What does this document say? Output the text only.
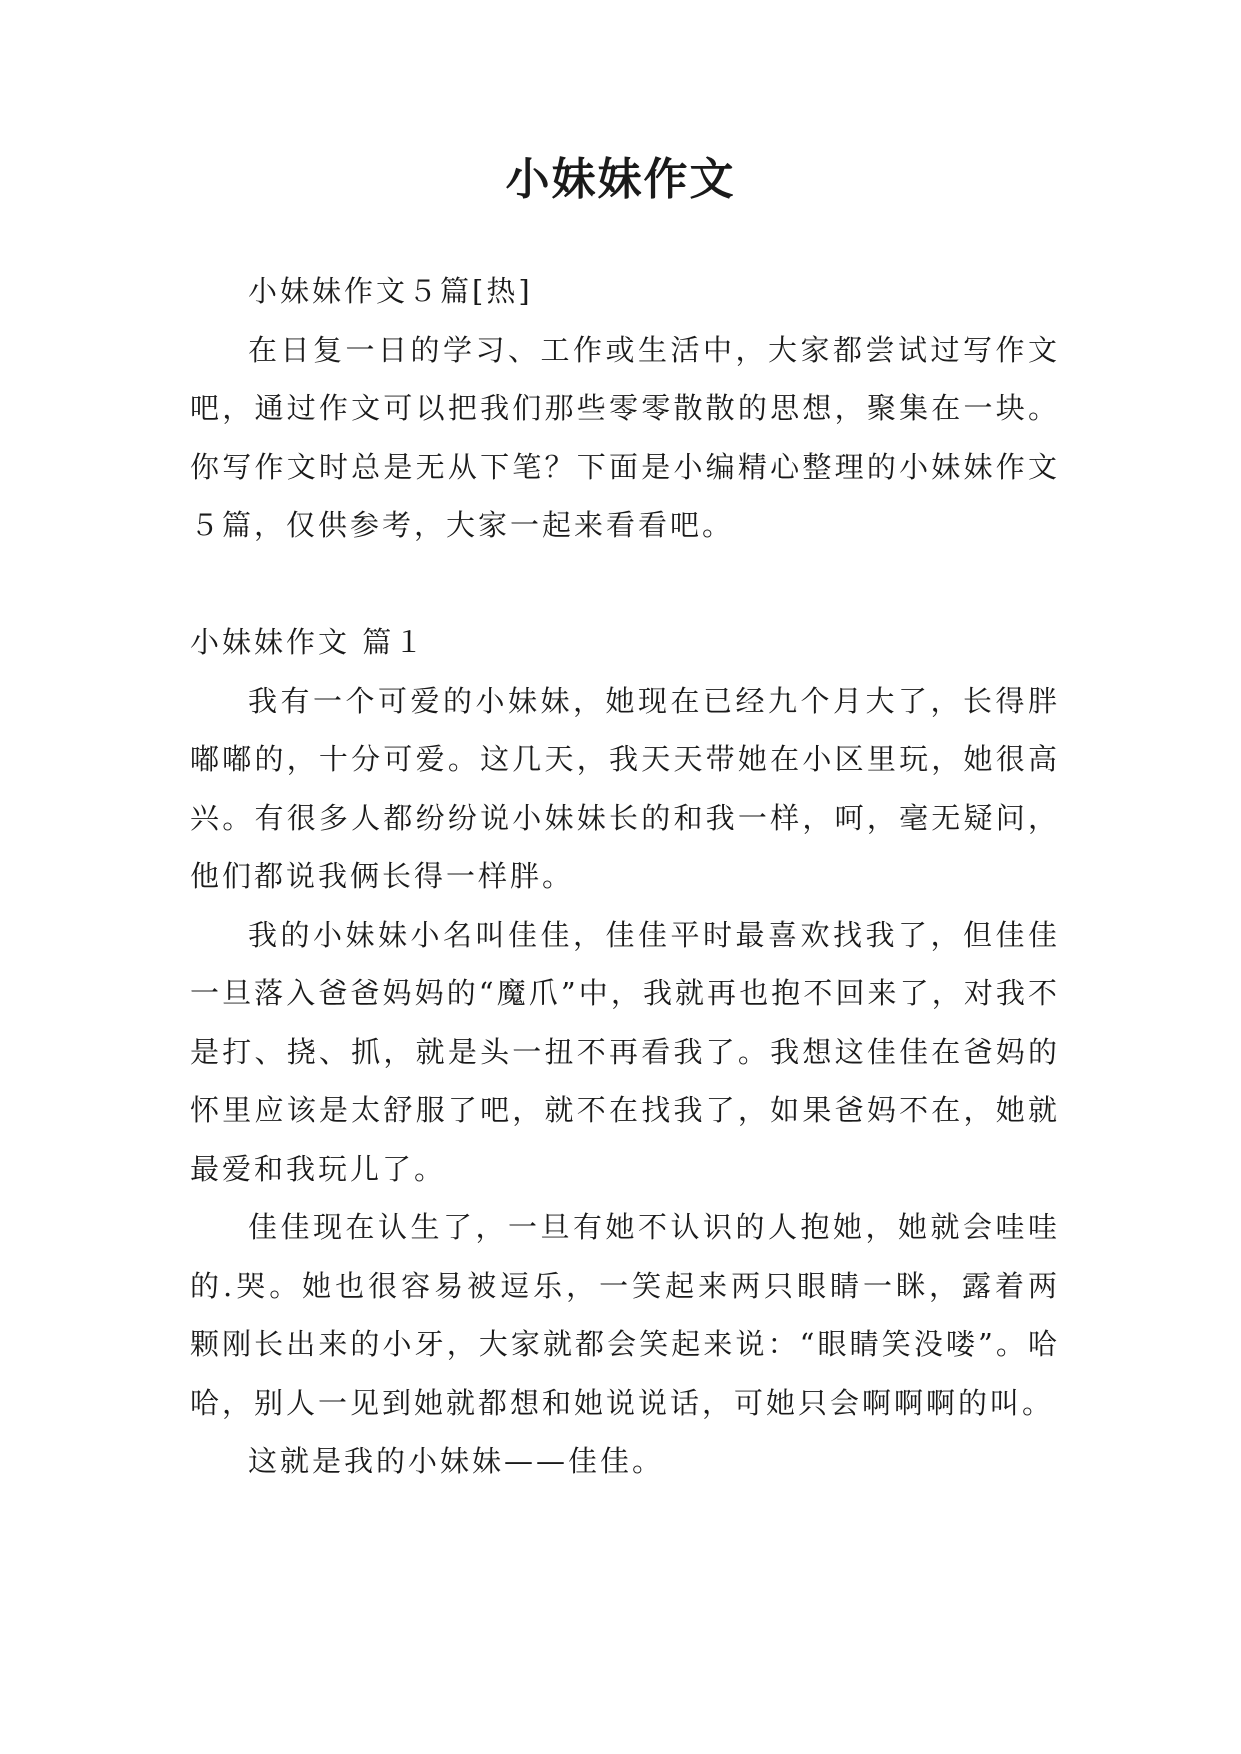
小妹妹作文

小妹妹作文５篇[热]

在日复一日的学习、工作或生活中，大家都尝试过写作文吧，通过作文可以把我们那些零零散散的思想，聚集在一块。你写作文时总是无从下笔？下面是小编精心整理的小妹妹作文５篇，仅供参考，大家一起来看看吧。

小妹妹作文 篇１

我有一个可爱的小妹妹，她现在已经九个月大了，长得胖嘟嘟的，十分可爱。这几天，我天天带她在小区里玩，她很高兴。有很多人都纷纷说小妹妹长的和我一样，呵，毫无疑问，他们都说我俩长得一样胖。

我的小妹妹小名叫佳佳，佳佳平时最喜欢找我了，但佳佳一旦落入爸爸妈妈的“魔爪”中，我就再也抱不回来了，对我不是打、挠、抓，就是头一扭不再看我了。我想这佳佳在爸妈的怀里应该是太舒服了吧，就不在找我了，如果爸妈不在，她就最爱和我玩儿了。

佳佳现在认生了，一旦有她不认识的人抱她，她就会哇哇的.哭。她也很容易被逗乐，一笑起来两只眼睛一眯，露着两颗刚长出来的小牙，大家就都会笑起来说：“眼睛笑没喽”。哈哈，别人一见到她就都想和她说说话，可她只会啊啊啊的叫。

这就是我的小妹妹——佳佳。
